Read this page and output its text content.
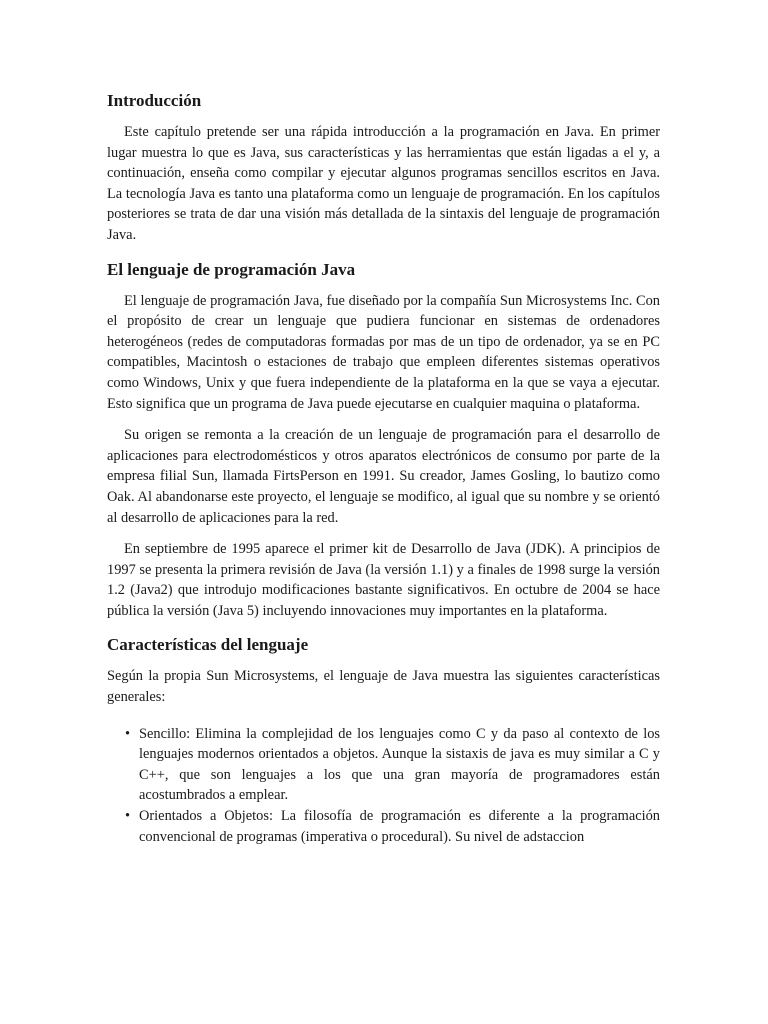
Introducción

Este capítulo pretende ser una rápida introducción a la programación en Java. En primer lugar muestra lo que es Java, sus características y las herramientas que están ligadas a el y, a continuación, enseña como compilar y ejecutar algunos programas sencillos escritos en Java. La tecnología Java es tanto una plataforma como un lenguaje de programación. En los capítulos posteriores se trata de dar una visión más detallada de la sintaxis del lenguaje de programación Java.

El lenguaje de programación Java

El lenguaje de programación Java, fue diseñado por la compañía Sun Microsystems Inc. Con el propósito de crear un lenguaje que pudiera funcionar en sistemas de ordenadores heterogéneos (redes de computadoras formadas por mas de un tipo de ordenador, ya se en PC compatibles, Macintosh o estaciones de trabajo que empleen diferentes sistemas operativos como Windows, Unix y que fuera independiente de la plataforma en la que se vaya a ejecutar. Esto significa que un programa de Java puede ejecutarse en cualquier maquina o plataforma.

Su origen se remonta a la creación de un lenguaje de programación para el desarrollo de aplicaciones para electrodomésticos y otros aparatos electrónicos de consumo por parte de la empresa filial Sun, llamada FirtsPerson en 1991. Su creador, James Gosling, lo bautizo como Oak. Al abandonarse este proyecto, el lenguaje se modifico, al igual que su nombre y se orientó al desarrollo de aplicaciones para la red.

En septiembre de 1995 aparece el primer kit de Desarrollo de Java (JDK). A principios de 1997 se presenta la primera revisión de Java (la versión 1.1) y a finales de 1998 surge la versión 1.2 (Java2) que introdujo modificaciones bastante significativos. En octubre de 2004 se hace pública la versión (Java 5) incluyendo innovaciones muy importantes en la plataforma.

Características del lenguaje

Según la propia Sun Microsystems, el lenguaje de Java muestra las siguientes características generales:

• Sencillo: Elimina la complejidad de los lenguajes como C y da paso al contexto de los lenguajes modernos orientados a objetos. Aunque la sistaxis de java es muy similar a C y C++, que son lenguajes a los que una gran mayoría de programadores están acostumbrados a emplear.
• Orientados a Objetos: La filosofía de programación es diferente a la programación convencional de programas (imperativa o procedural). Su nivel de adstaccion
